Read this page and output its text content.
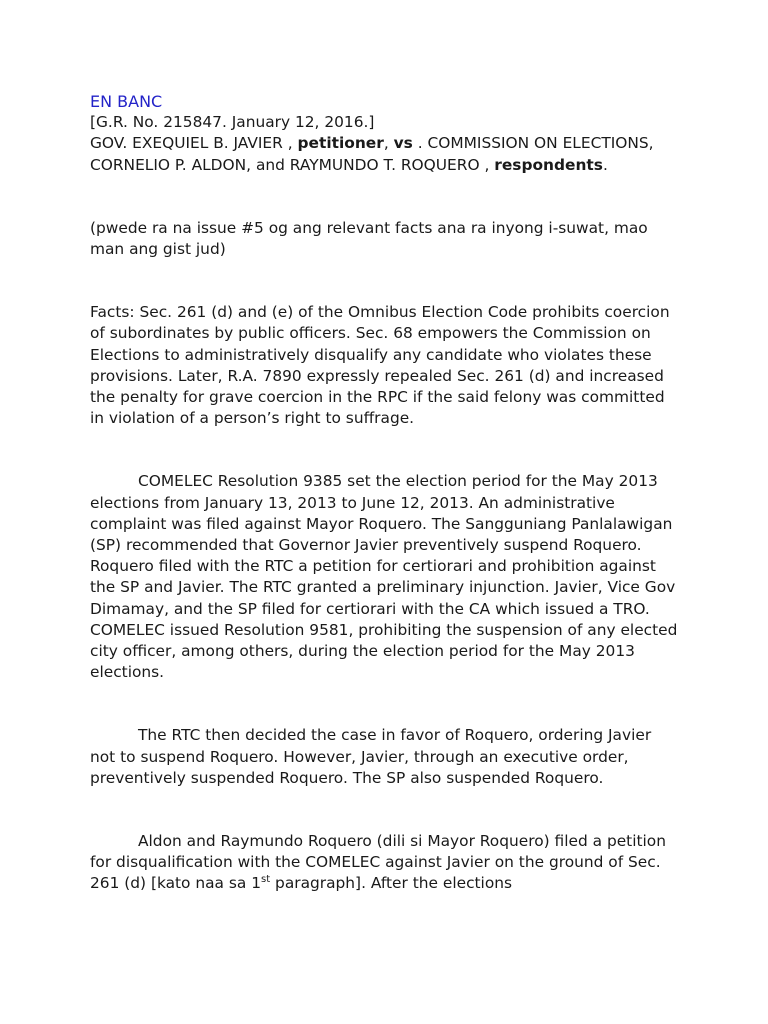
EN BANC

[G.R. No. 215847. January 12, 2016.]
GOV. EXEQUIEL B. JAVIER , petitioner, vs . COMMISSION ON ELECTIONS, CORNELIO P. ALDON, and RAYMUNDO T. ROQUERO , respondents.

(pwede ra na issue #5 og ang relevant facts ana ra inyong i-suwat, mao man ang gist jud)

Facts: Sec. 261 (d) and (e) of the Omnibus Election Code prohibits coercion of subordinates by public officers. Sec. 68 empowers the Commission on Elections to administratively disqualify any candidate who violates these provisions. Later, R.A. 7890 expressly repealed Sec. 261 (d) and increased the penalty for grave coercion in the RPC if the said felony was committed in violation of a person’s right to suffrage.

COMELEC Resolution 9385 set the election period for the May 2013 elections from January 13, 2013 to June 12, 2013. An administrative complaint was filed against Mayor Roquero. The Sangguniang Panlalawigan (SP) recommended that Governor Javier preventively suspend Roquero. Roquero filed with the RTC a petition for certiorari and prohibition against the SP and Javier. The RTC granted a preliminary injunction. Javier, Vice Gov Dimamay, and the SP filed for certiorari with the CA which issued a TRO. COMELEC issued Resolution 9581, prohibiting the suspension of any elected city officer, among others, during the election period for the May 2013 elections.

The RTC then decided the case in favor of Roquero, ordering Javier not to suspend Roquero. However, Javier, through an executive order, preventively suspended Roquero. The SP also suspended Roquero.

Aldon and Raymundo Roquero (dili si Mayor Roquero) filed a petition for disqualification with the COMELEC against Javier on the ground of Sec. 261 (d) [kato naa sa 1st paragraph]. After the elections
